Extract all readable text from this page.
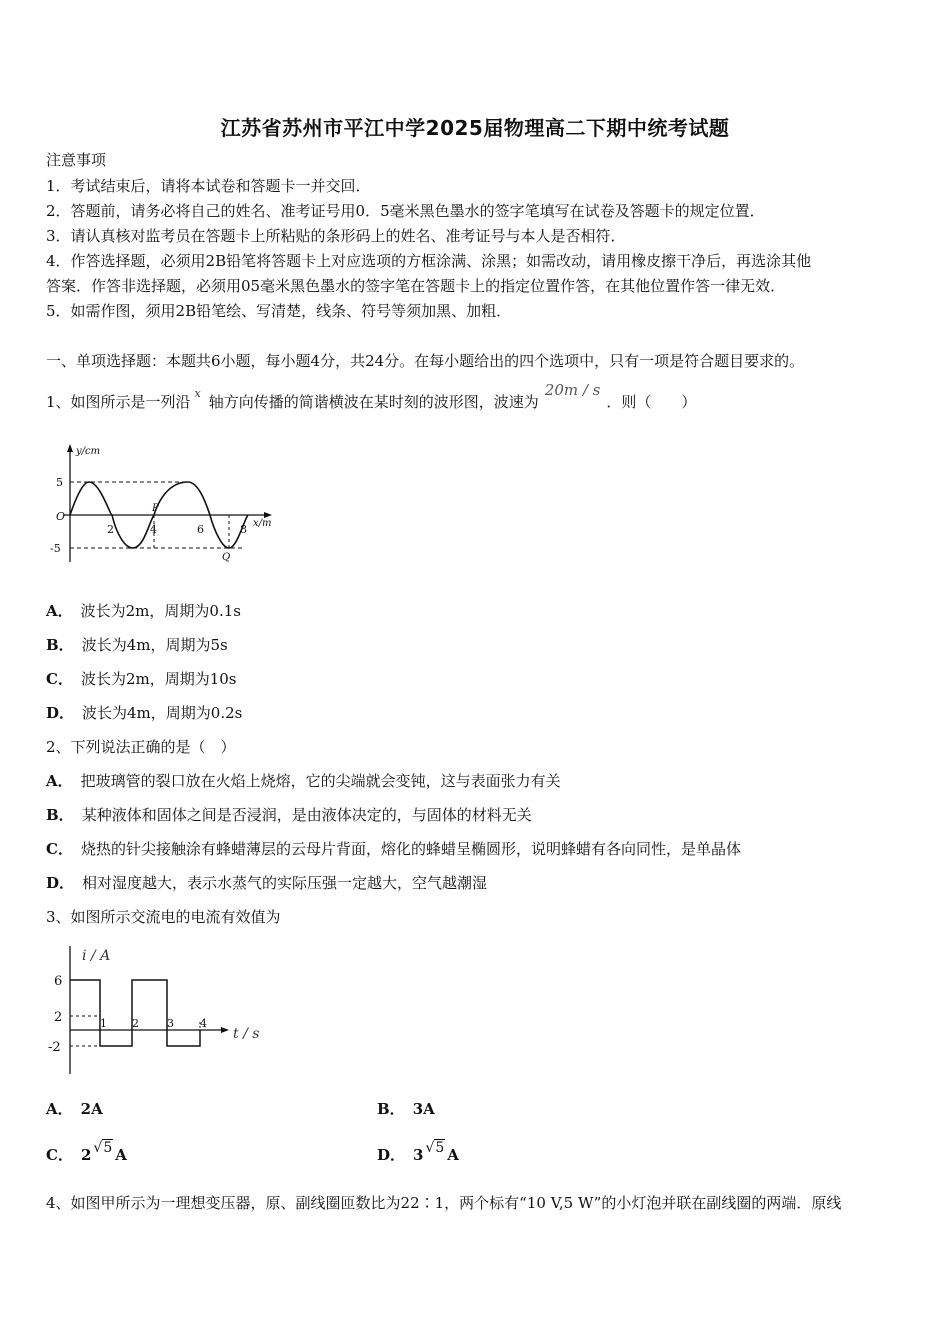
江苏省苏州市平江中学2025届物理高二下期中统考试题
注意事项
1．考试结束后，请将本试卷和答题卡一并交回．
2．答题前，请务必将自己的姓名、准考证号用0．5毫米黑色墨水的签字笔填写在试卷及答题卡的规定位置．
3．请认真核对监考员在答题卡上所粘贴的条形码上的姓名、准考证号与本人是否相符．
4．作答选择题，必须用2B铅笔将答题卡上对应选项的方框涂满、涂黑；如需改动，请用橡皮擦干净后，再选涂其他
答案．作答非选择题，必须用05毫米黑色墨水的签字笔在答题卡上的指定位置作答，在其他位置作答一律无效．
5．如需作图，须用2B铅笔绘、写清楚，线条、符号等须加黑、加粗．
一、单项选择题：本题共6小题，每小题4分，共24分。在每小题给出的四个选项中，只有一项是符合题目要求的。
1、如图所示是一列沿 $^x$ 轴方向传播的简谐横波在某时刻的波形图，波速为20m / s．则（　　）
y/cm
x/m
O
5
-5
2	4	6	8
P
Q
A． 波长为2m，周期为0.1s
B． 波长为4m，周期为5s
C． 波长为2m，周期为10s
D． 波长为4m，周期为0.2s
2、下列说法正确的是（　）
A． 把玻璃管的裂口放在火焰上烧熔，它的尖端就会变钝，这与表面张力有关
B． 某种液体和固体之间是否浸润，是由液体决定的，与固体的材料无关
C． 烧热的针尖接触涂有蜂蜡薄层的云母片背面，熔化的蜂蜡呈椭圆形，说明蜂蜡有各向同性，是单晶体
D． 相对湿度越大，表示水蒸气的实际压强一定越大，空气越潮湿
3、如图所示交流电的电流有效值为
i / A
t / s
6
2
-2
1 2	3 4
A． 2A	B． 3A
C． 2 √5 A	D． 3 √5 A
4、如图甲所示为一理想变压器，原、副线圈匝数比为22∶1，两个标有“10 V,5 W”的小灯泡并联在副线圈的两端．原线
